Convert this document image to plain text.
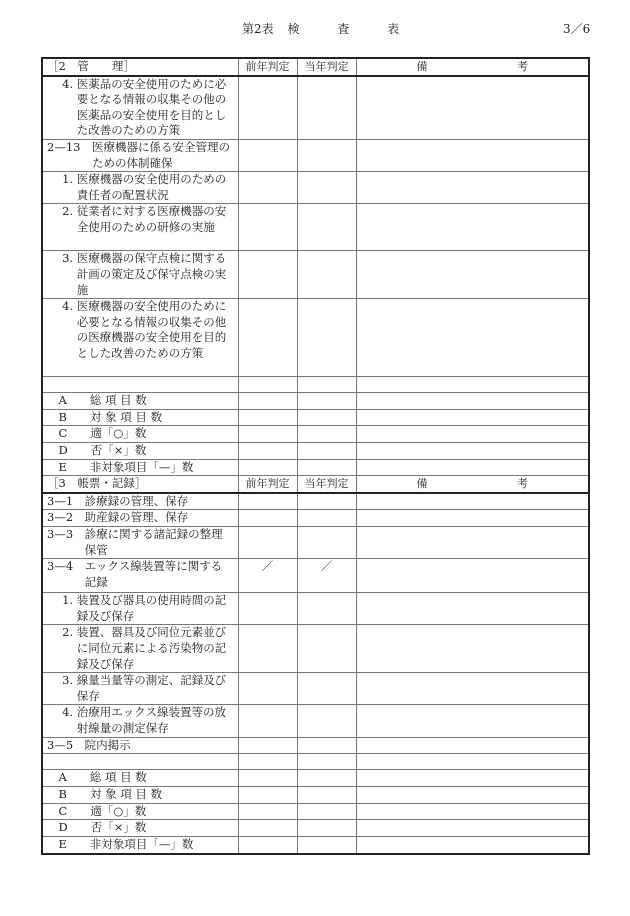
第2表 検	査	表	3／6
［2　管　　理］	前年判定	当年判定	備 考

　 4. 医薬品の安全使用のために必要となる情報の収集その他の医薬品の安全使用を目的とした改善のための方策			

2—13　 医療機器に係る安全管理のための体制確保			

　 1. 医療機器の安全使用のための責任者の配置状況			

　 2. 従業者に対する医療機器の安全使用のための研修の実施			

　 3. 医療機器の保守点検に関する計画の策定及び保守点検の実施			

　 4. 医療機器の安全使用のために必要となる情報の収集その他の医療機器の安全使用を目的とした改善のための方策			

　A　　 総 項 目 数			

　B　　 対 象 項 目 数			

　C　　 適「○」数			

　D　　 否「×」数			

　E　　 非対象項目「—」数			

［3　帳票・記録］	前年判定	当年判定	備 考

3—1　 診療録の管理、保存			

3—2　 助産録の管理、保存			

3—3　 診療に関する諸記録の整理保管			

3—4　 エックス線装置等に関する記録	／	／	

　 1. 装置及び器具の使用時間の記録及び保存			

　 2. 装置、器具及び同位元素並びに同位元素による汚染物の記録及び保存			

　 3. 線量当量等の測定、記録及び保存			

　 4. 治療用エックス線装置等の放射線量の測定保存			

3—5　 院内掲示			

　A　　 総 項 目 数			

　B　　 対 象 項 目 数			

　C　　 適「○」数			

　D　　 否「×」数			

　E　　 非対象項目「—」数			
